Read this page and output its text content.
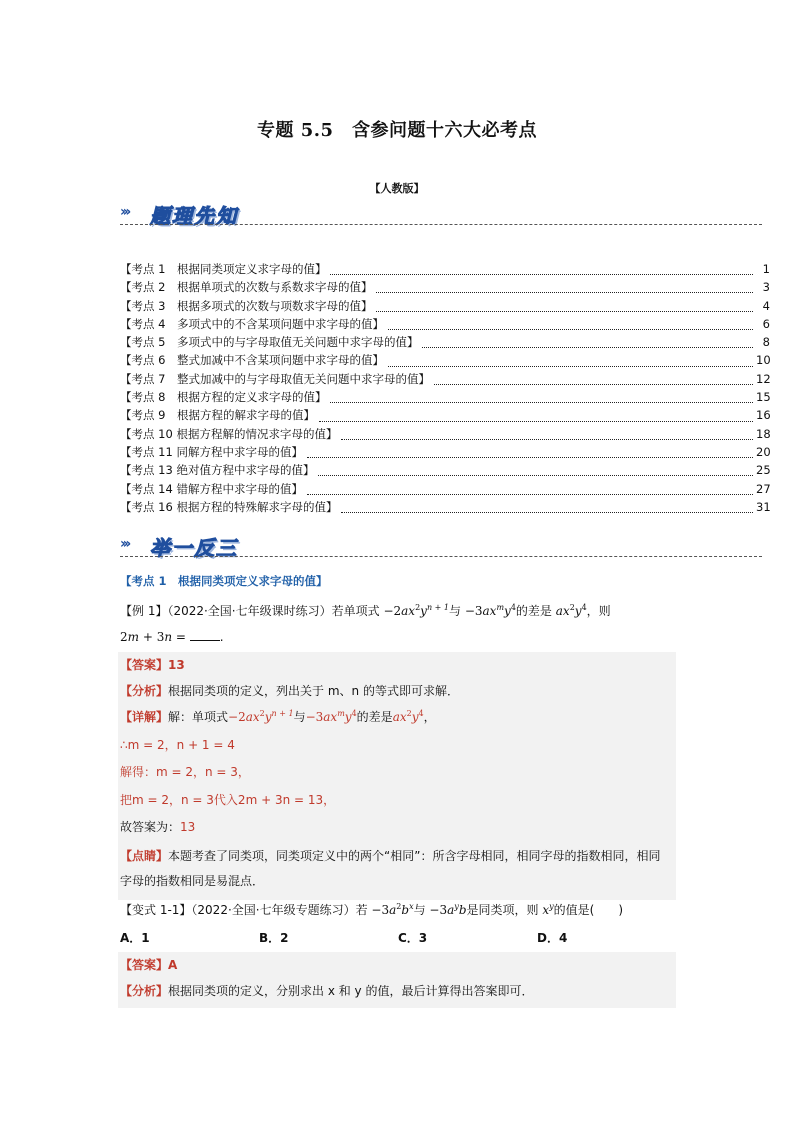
专题 5.5　含参问题十六大必考点
【人教版】
››› 题理先知
【考点 1　根据同类项定义求字母的值】	1
【考点 2　根据单项式的次数与系数求字母的值】	3
【考点 3　根据多项式的次数与项数求字母的值】	4
【考点 4　多项式中的不含某项问题中求字母的值】	6
【考点 5　多项式中的与字母取值无关问题中求字母的值】	8
【考点 6　整式加减中不含某项问题中求字母的值】	10
【考点 7　整式加减中的与字母取值无关问题中求字母的值】	12
【考点 8　根据方程的定义求字母的值】	15
【考点 9　根据方程的解求字母的值】	16
【考点 10 根据方程解的情况求字母的值】	18
【考点 11 同解方程中求字母的值】	20
【考点 13 绝对值方程中求字母的值】	25
【考点 14 错解方程中求字母的值】	27
【考点 16 根据方程的特殊解求字母的值】	31
››› 举一反三
【考点 1　根据同类项定义求字母的值】
【例 1】（2022·全国·七年级课时练习）若单项式 $-2ax^2y^{n + 1}$与 $-3ax^my^4$的差是 $ax^2y^4$，则
2m + 3n =	.
【答案】13
【分析】根据同类项的定义，列出关于 m、n 的等式即可求解．
【详解】解：单项式$-2ax^2y^{n + 1}$与$-3ax^my^4$的差是$ax^2y^4$，
∴m = 2，n + 1 = 4
解得：m = 2，n = 3，
把m = 2，n = 3代入2m + 3n = 13，
故答案为：13
【点睛】本题考查了同类项，同类项定义中的两个“相同”：所含字母相同，相同字母的指数相同，相同字母的指数相同是易混点．
【变式 1-1】（2022·全国·七年级专题练习）若 $-3a^2b^x$与 $-3a^yb$是同类项，则 $x^y$的值是(　　)
A．1	B．2	C．3	D．4
【答案】A
【分析】根据同类项的定义，分别求出 x 和 y 的值，最后计算得出答案即可．
